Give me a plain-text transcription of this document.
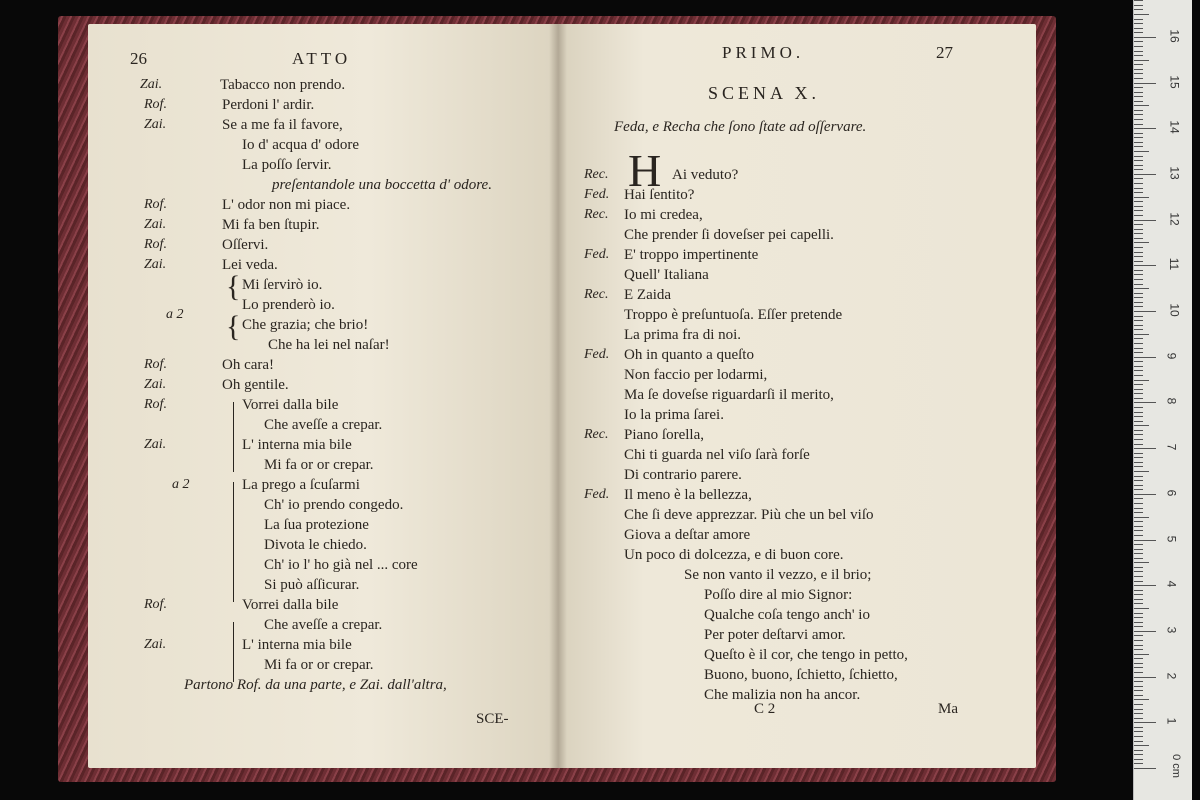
26	ATTO
Zai.	Tabacco non prendo.
Rof.	Perdoni l' ardir.
Zai.	Se a me fa il favore,
Io d' acqua d' odore
La poſſo ſervir.
preſentandole una boccetta d' odore.
Rof.	L' odor non mi piace.
Zai.	Mi fa ben ſtupir.
Rof.	Oſſervi.
Zai.	Lei veda.
Mi ſervirò io.
Lo prenderò io.
a 2
Che grazia; che brio!
Che ha lei nel naſar!
Rof.	Oh cara!
Zai.	Oh gentile.
Rof.	Vorrei dalla bile
Che aveſſe a crepar.
Zai.	L' interna mia bile
Mi fa or or crepar.
a 2	La prego a ſcuſarmi
Ch' io prendo congedo.
La ſua protezione
Divota le chiedo.
Ch' io l' ho già nel ... core
Si può aſſicurar.
Rof.	Vorrei dalla bile
Che aveſſe a crepar.
Zai.	L' interna mia bile
Mi fa or or crepar.
{
{
Partono Rof. da una parte, e Zai. dall'altra,
SCE-
PRIMO.	27
SCENA X.
Feda, e Recha che ſono ſtate ad oſſervare.
H
Rec.	Ai veduto?
Fed. Hai ſentito?
Rec. Io mi credea,
Che prender ſi doveſser pei capelli.
Fed. E' troppo impertinente
Quell' Italiana
Rec. E Zaida
Troppo è preſuntuoſa. Eſſer pretende
La prima fra di noi.
Fed. Oh in quanto a queſto
Non faccio per lodarmi,
Ma ſe doveſse riguardarſi il merito,
Io la prima ſarei.
Rec. Piano ſorella,
Chi ti guarda nel viſo ſarà forſe
Di contrario parere.
Fed. Il meno è la bellezza,
Che ſi deve apprezzar. Più che un bel viſo
Giova a deſtar amore
Un poco di dolcezza, e di buon core.
Se non vanto il vezzo, e il brio;
Poſſo dire al mio Signor:
Qualche coſa tengo anch' io
Per poter deſtarvi amor.
Queſto è il cor, che tengo in petto,
Buono, buono, ſchietto, ſchietto,
Che malizia non ha ancor.
C 2	Ma
1
2
3
4
5
6
7
8
9
10
11
12
13
14
15
16
0 cm
